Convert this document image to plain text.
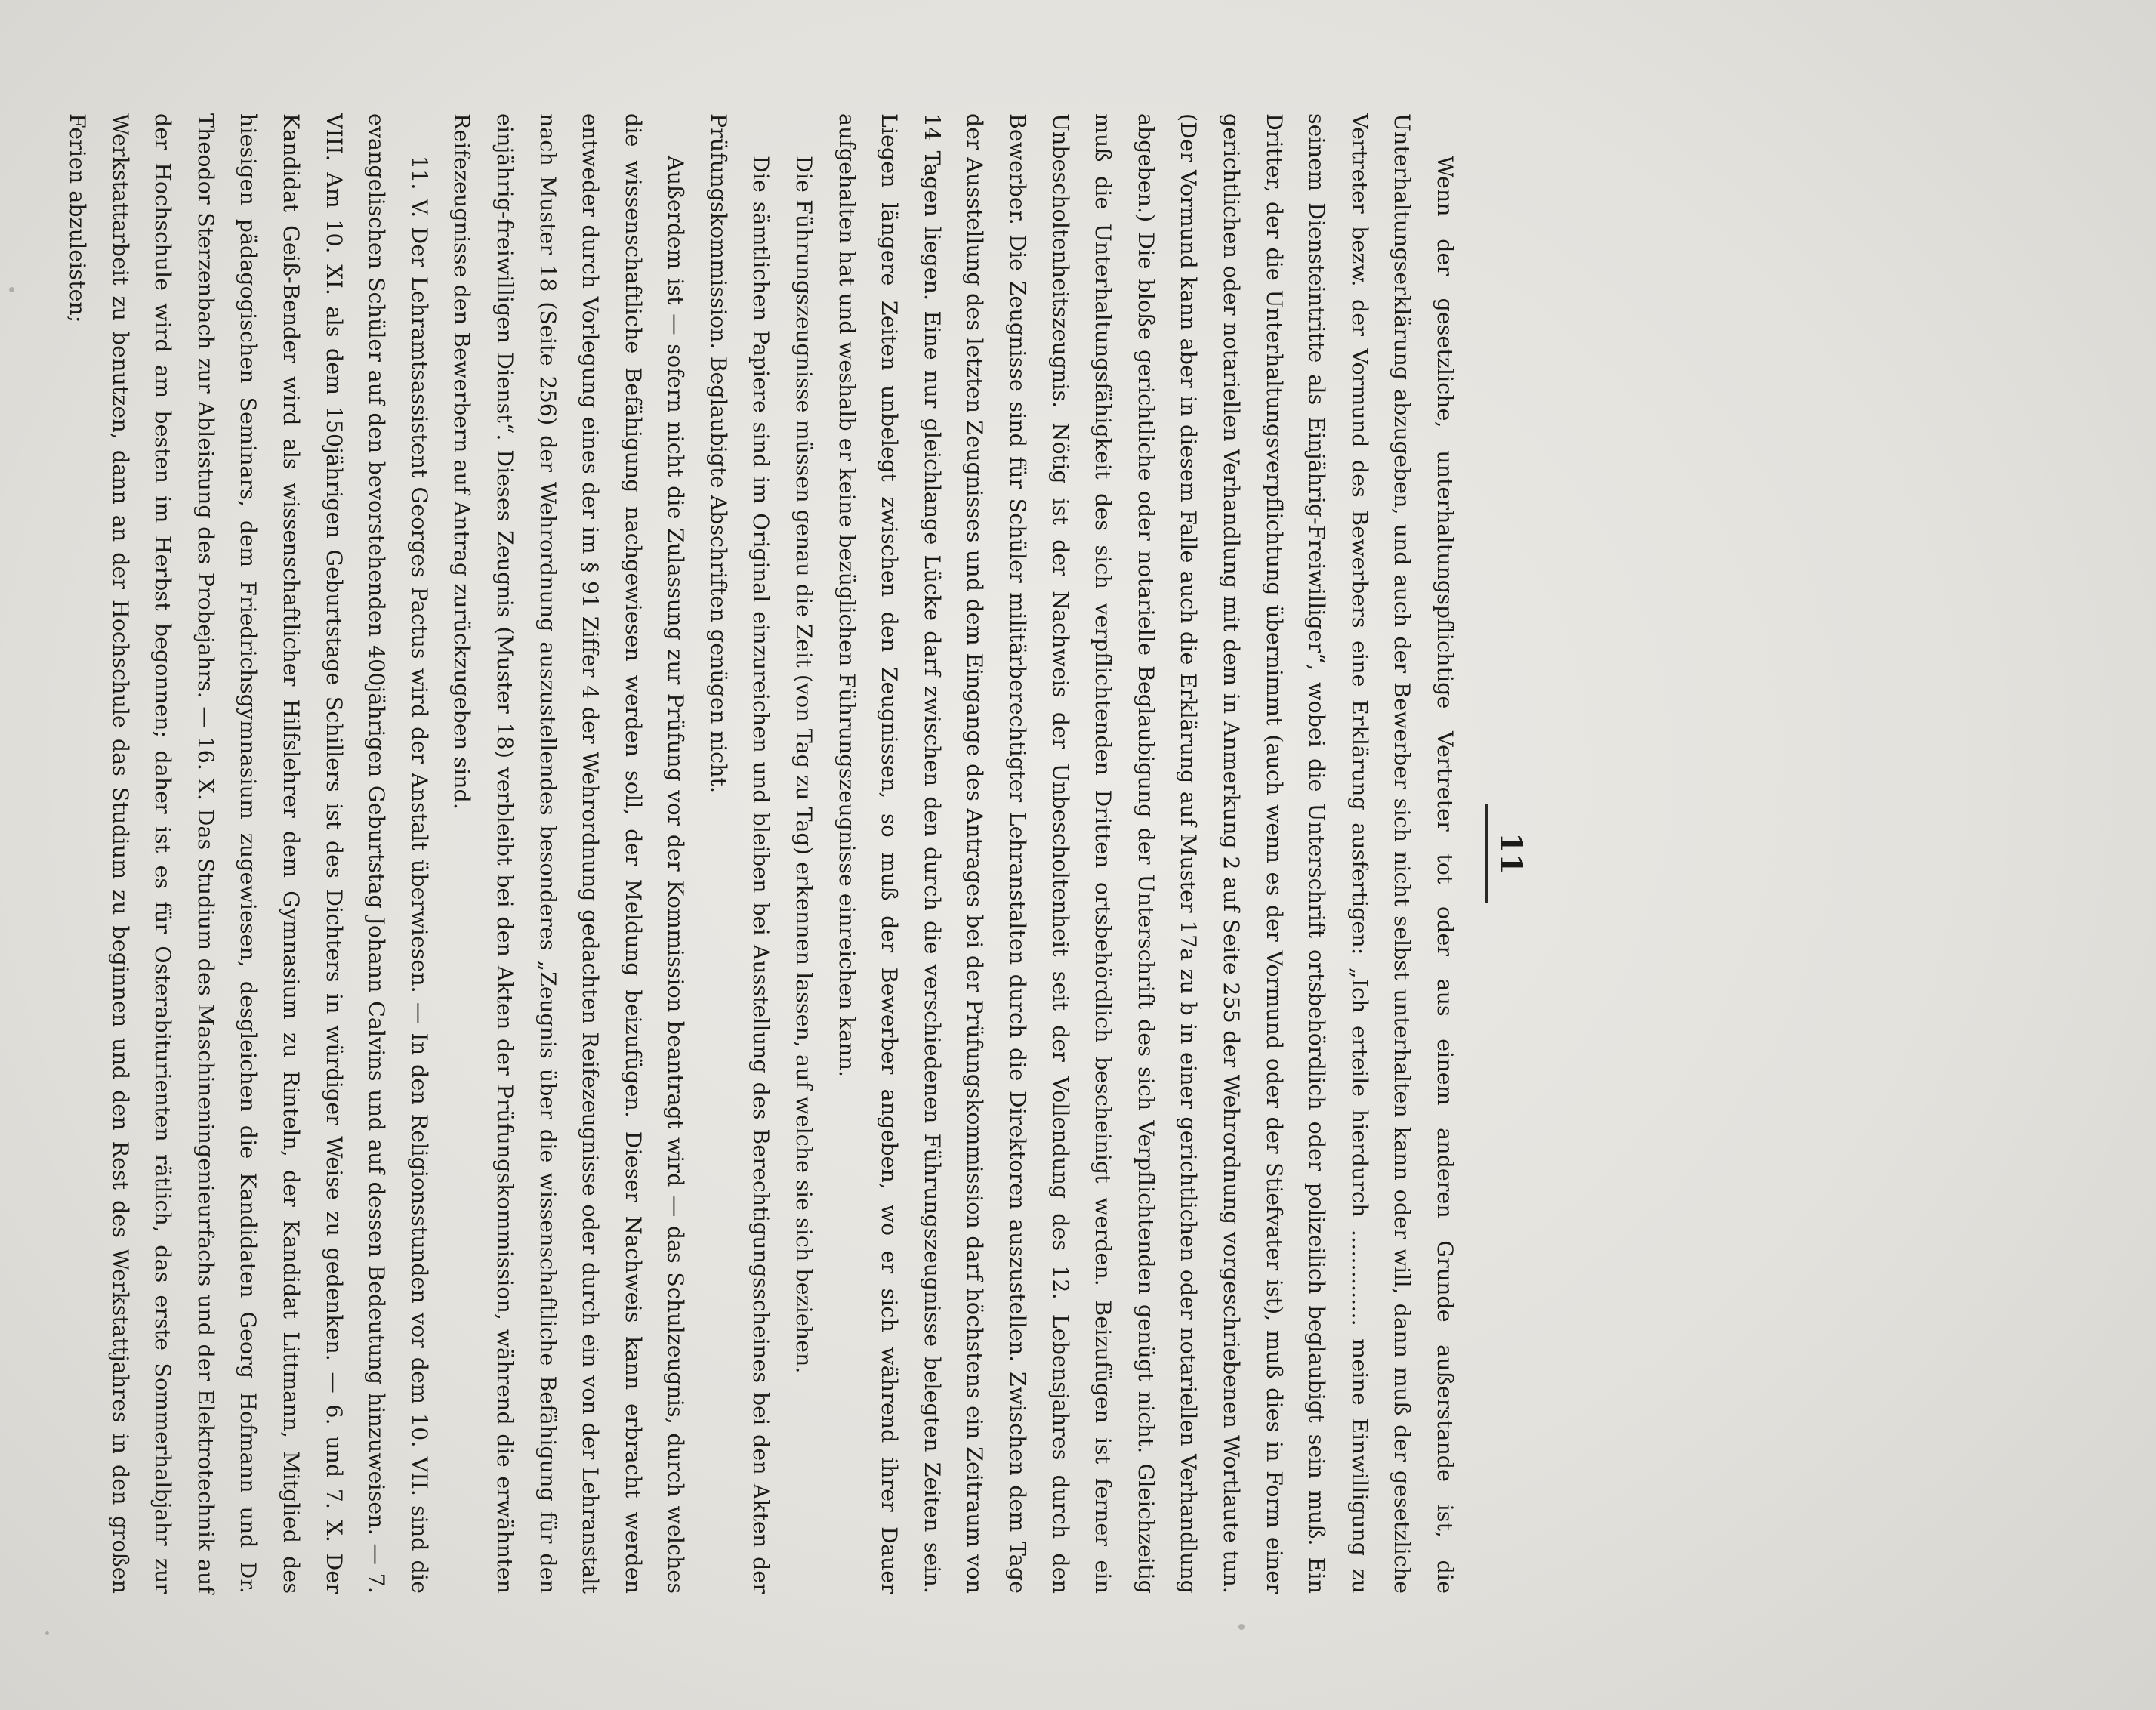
11

Wenn der gesetzliche, unterhaltungspflichtige Vertreter tot oder aus einem anderen Grunde außerstande ist, die Unterhaltungserklärung abzugeben, und auch der Bewerber sich nicht selbst unterhalten kann oder will, dann muß der gesetzliche Vertreter bezw. der Vormund des Bewerbers eine Erklärung ausfertigen: „Ich erteile hierdurch .............. meine Einwilligung zu seinem Diensteintritte als Einjährig-Freiwilliger“, wobei die Unterschrift ortsbehördlich oder polizeilich beglaubigt sein muß. Ein Dritter, der die Unterhaltungsverpflichtung übernimmt (auch wenn es der Vormund oder der Stiefvater ist), muß dies in Form einer gerichtlichen oder notariellen Verhandlung mit dem in Anmerkung 2 auf Seite 255 der Wehrordnung vorgeschriebenen Wortlaute tun. (Der Vormund kann aber in diesem Falle auch die Erklärung auf Muster 17a zu b in einer gerichtlichen oder notariellen Verhandlung abgeben.) Die bloße gerichtliche oder notarielle Beglaubigung der Unterschrift des sich Verpflichtenden genügt nicht. Gleichzeitig muß die Unterhaltungsfähigkeit des sich verpflichtenden Dritten ortsbehördlich bescheinigt werden. Beizufügen ist ferner ein Unbescholtenheitszeugnis. Nötig ist der Nachweis der Unbescholtenheit seit der Vollendung des 12. Lebensjahres durch den Bewerber. Die Zeugnisse sind für Schüler militärberechtigter Lehranstalten durch die Direktoren auszustellen. Zwischen dem Tage der Ausstellung des letzten Zeugnisses und dem Eingange des Antrages bei der Prüfungskommission darf höchstens ein Zeitraum von 14 Tagen liegen. Eine nur gleichlange Lücke darf zwischen den durch die verschiedenen Führungszeugnisse belegten Zeiten sein. Liegen längere Zeiten unbelegt zwischen den Zeugnissen, so muß der Bewerber angeben, wo er sich während ihrer Dauer aufgehalten hat und weshalb er keine bezüglichen Führungszeugnisse einreichen kann.

Die Führungszeugnisse müssen genau die Zeit (von Tag zu Tag) erkennen lassen, auf welche sie sich beziehen.

Die sämtlichen Papiere sind im Original einzureichen und bleiben bei Ausstellung des Berechtigungsscheines bei den Akten der Prüfungskommission. Beglaubigte Abschriften genügen nicht.

Außerdem ist — sofern nicht die Zulassung zur Prüfung vor der Kommission beantragt wird — das Schulzeugnis, durch welches die wissenschaftliche Befähigung nachgewiesen werden soll, der Meldung beizufügen. Dieser Nachweis kann erbracht werden entweder durch Vorlegung eines der im § 91 Ziffer 4 der Wehrordnung gedachten Reifezeugnisse oder durch ein von der Lehranstalt nach Muster 18 (Seite 256) der Wehrordnung auszustellendes besonderes „Zeugnis über die wissenschaftliche Befähigung für den einjährig-freiwilligen Dienst“. Dieses Zeugnis (Muster 18) verbleibt bei den Akten der Prüfungskommission, während die erwähnten Reifezeugnisse den Bewerbern auf Antrag zurückzugeben sind.

11. V. Der Lehramtsassistent Georges Pactus wird der Anstalt überwiesen. — In den Religionsstunden vor dem 10. VII. sind die evangelischen Schüler auf den bevorstehenden 400jährigen Geburtstag Johann Calvins und auf dessen Bedeutung hinzuweisen. — 7. VIII. Am 10. XI. als dem 150jährigen Geburtstage Schillers ist des Dichters in würdiger Weise zu gedenken. — 6. und 7. X. Der Kandidat Geiß-Bender wird als wissenschaftlicher Hilfslehrer dem Gymnasium zu Rinteln, der Kandidat Littmann, Mitglied des hiesigen pädagogischen Seminars, dem Friedrichsgymnasium zugewiesen, desgleichen die Kandidaten Georg Hofmann und Dr. Theodor Sterzenbach zur Ableistung des Probejahrs. — 16. X. Das Studium des Maschineningenieurfachs und der Elektrotechnik auf der Hochschule wird am besten im Herbst begonnen; daher ist es für Osterabiturienten rätlich, das erste Sommerhalbjahr zur Werkstattarbeit zu benutzen, dann an der Hochschule das Studium zu beginnen und den Rest des Werkstattjahres in den großen Ferien abzuleisten;
